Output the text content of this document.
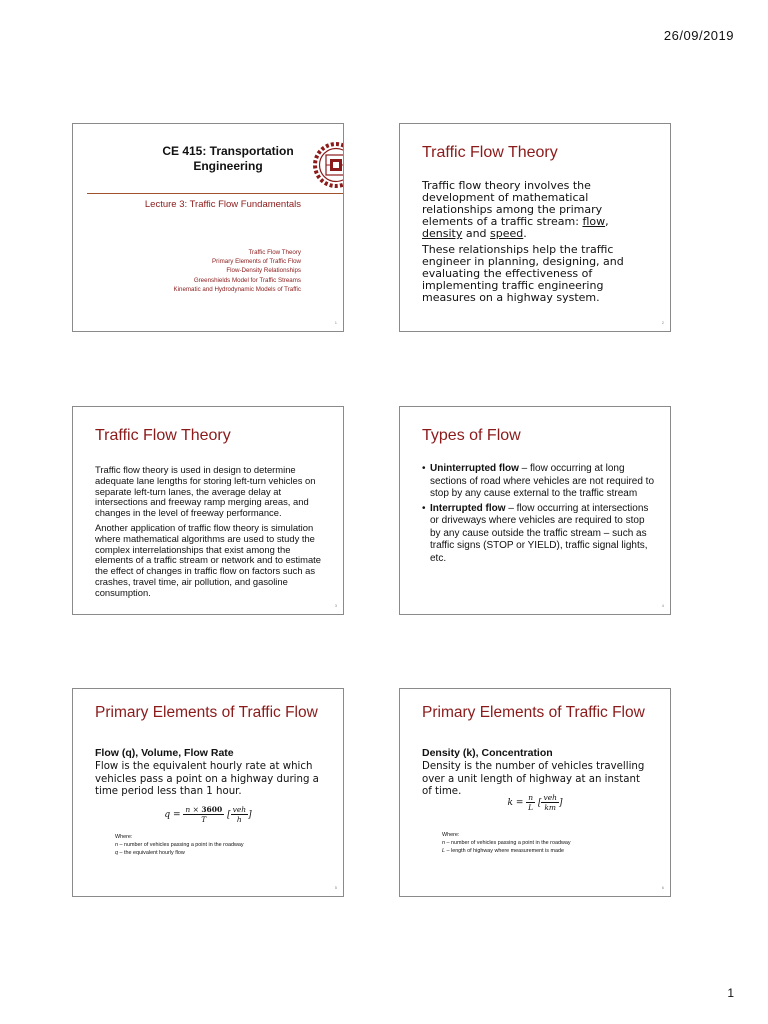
26/09/2019
CE 415: Transportation Engineering
Lecture 3: Traffic Flow Fundamentals
Traffic Flow Theory
Primary Elements of Traffic Flow
Flow-Density Relationships
Greenshields Model for Traffic Streams
Kinematic and Hydrodynamic Models of Traffic
1
Traffic Flow Theory

Traffic flow theory involves the development of mathematical relationships among the primary elements of a traffic stream: flow, density and speed.

These relationships help the traffic engineer in planning, designing, and evaluating the effectiveness of implementing traffic engineering measures on a highway system.

2
Traffic Flow Theory

Traffic flow theory is used in design to determine adequate lane lengths for storing left-turn vehicles on separate left-turn lanes, the average delay at intersections and freeway ramp merging areas, and changes in the level of freeway performance.

Another application of traffic flow theory is simulation where mathematical algorithms are used to study the complex interrelationships that exist among the elements of a traffic stream or network and to estimate the effect of changes in traffic flow on factors such as crashes, travel time, air pollution, and gasoline consumption.

3
Types of Flow
• Uninterrupted flow – flow occurring at long sections of road where vehicles are not required to stop by any cause external to the traffic stream
• Interrupted flow – flow occurring at intersections or driveways where vehicles are required to stop by any cause outside the traffic stream – such as traffic signs (STOP or YIELD), traffic signal lights, etc.
4
Primary Elements of Traffic Flow
Flow (q), Volume, Flow Rate
Flow is the equivalent hourly rate at which vehicles pass a point on a highway during a time period less than 1 hour.
$q = \frac{n \times 3600}{T}$ [ $\frac{\text{veh}}{h}$ ]
Where:
n – number of vehicles passing a point in the roadway
q – the equivalent hourly flow
5
Primary Elements of Traffic Flow
Density (k), Concentration
Density is the number of vehicles travelling over a unit length of highway at an instant of time.
$k = \frac{n}{L}$ [ $\frac{\text{veh}}{km}$ ]
Where:
n – number of vehicles passing a point in the roadway
L – length of highway where measurement is made
6
1
